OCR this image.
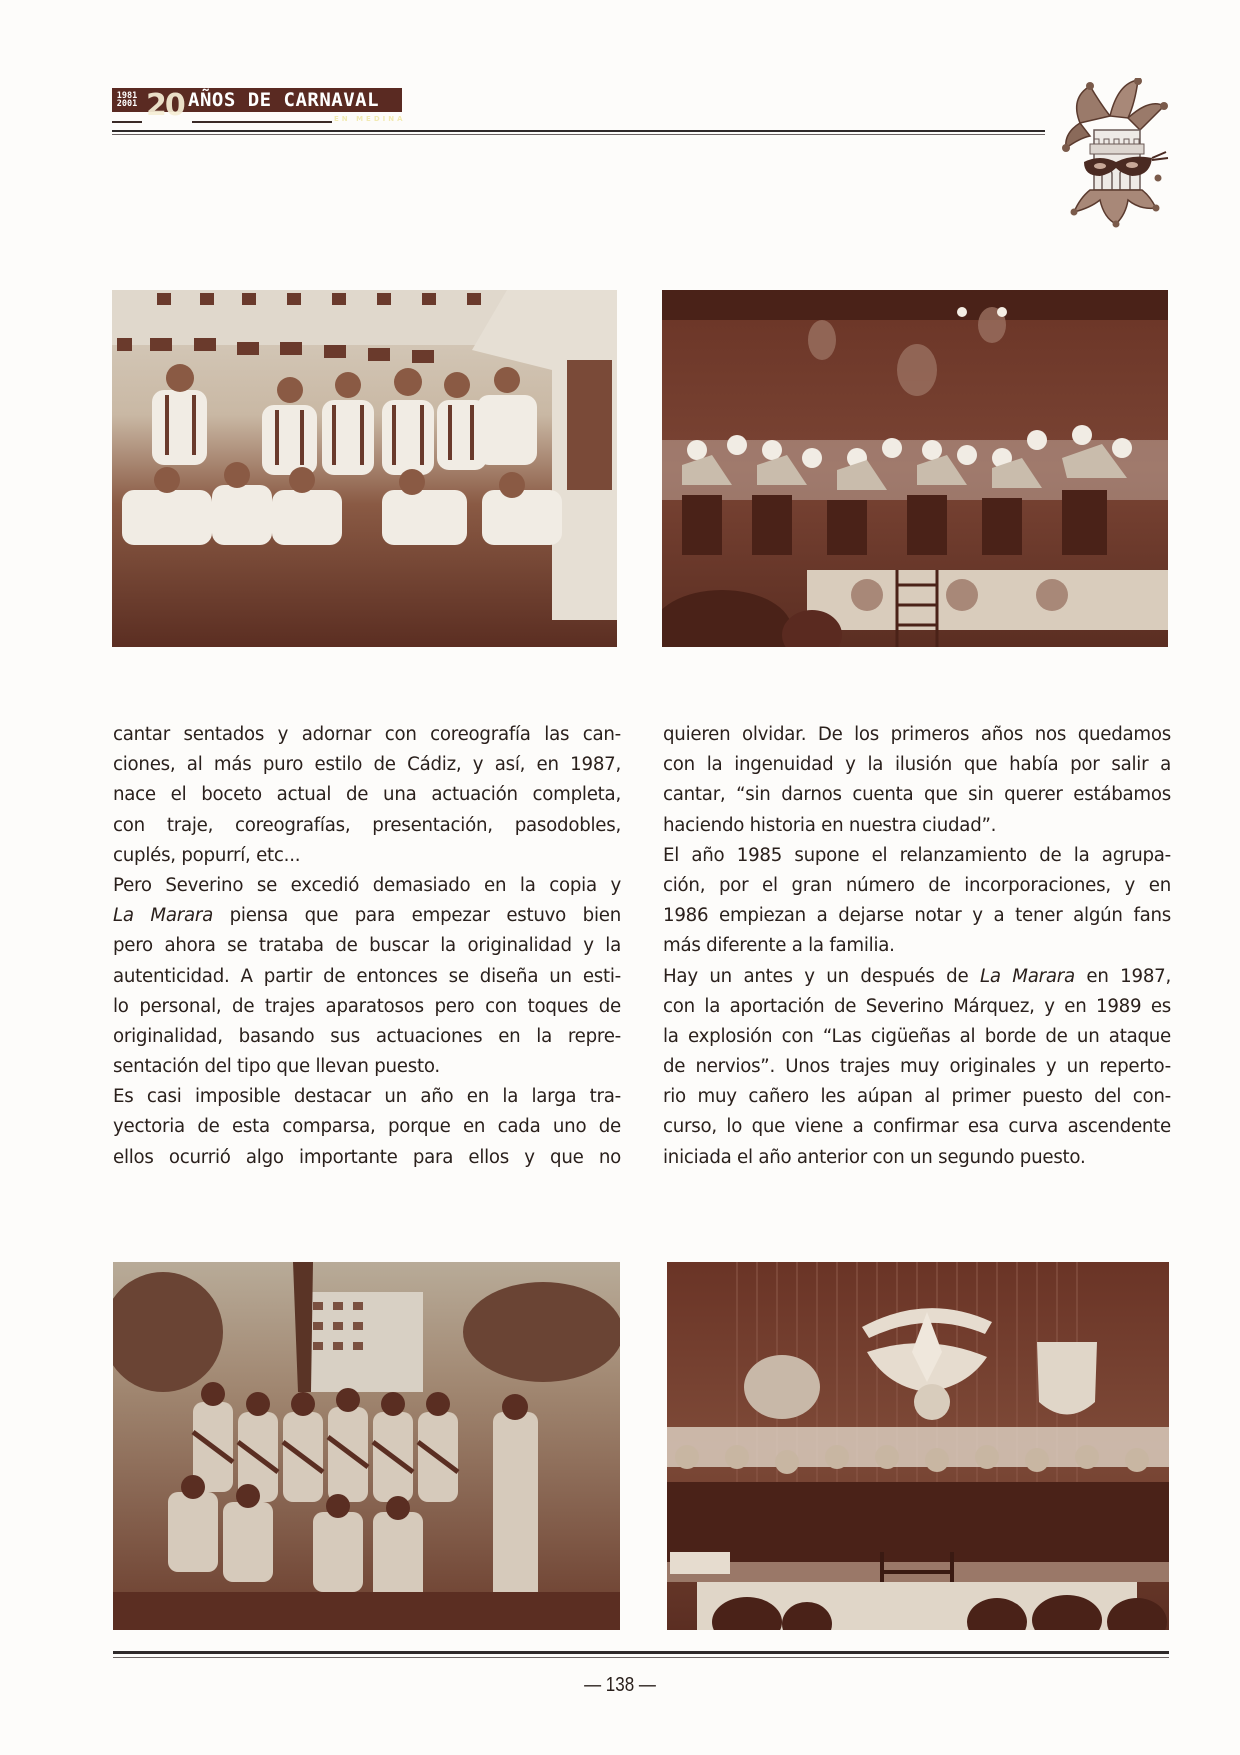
1981
2001 20 AÑOS DE CARNAVAL
EN MEDINA
cantar sentados y adornar con coreografía las can-
ciones, al más puro estilo de Cádiz, y así, en 1987,
nace el boceto actual de una actuación completa,
con traje, coreografías, presentación, pasodobles,
cuplés, popurrí, etc...
Pero Severino se excedió demasiado en la copia y
La Marara piensa que para empezar estuvo bien
pero ahora se trataba de buscar la originalidad y la
autenticidad. A partir de entonces se diseña un esti-
lo personal, de trajes aparatosos pero con toques de
originalidad, basando sus actuaciones en la repre-
sentación del tipo que llevan puesto.
Es casi imposible destacar un año en la larga tra-
yectoria de esta comparsa, porque en cada uno de
ellos ocurrió algo importante para ellos y que no
quieren olvidar. De los primeros años nos quedamos
con la ingenuidad y la ilusión que había por salir a
cantar, “sin darnos cuenta que sin querer estábamos
haciendo historia en nuestra ciudad”.
El año 1985 supone el relanzamiento de la agrupa-
ción, por el gran número de incorporaciones, y en
1986 empiezan a dejarse notar y a tener algún fans
más diferente a la familia.
Hay un antes y un después de La Marara en 1987,
con la aportación de Severino Márquez, y en 1989 es
la explosión con “Las cigüeñas al borde de un ataque
de nervios”. Unos trajes muy originales y un reperto-
rio muy cañero les aúpan al primer puesto del con-
curso, lo que viene a confirmar esa curva ascendente
iniciada el año anterior con un segundo puesto.
— 138 —
